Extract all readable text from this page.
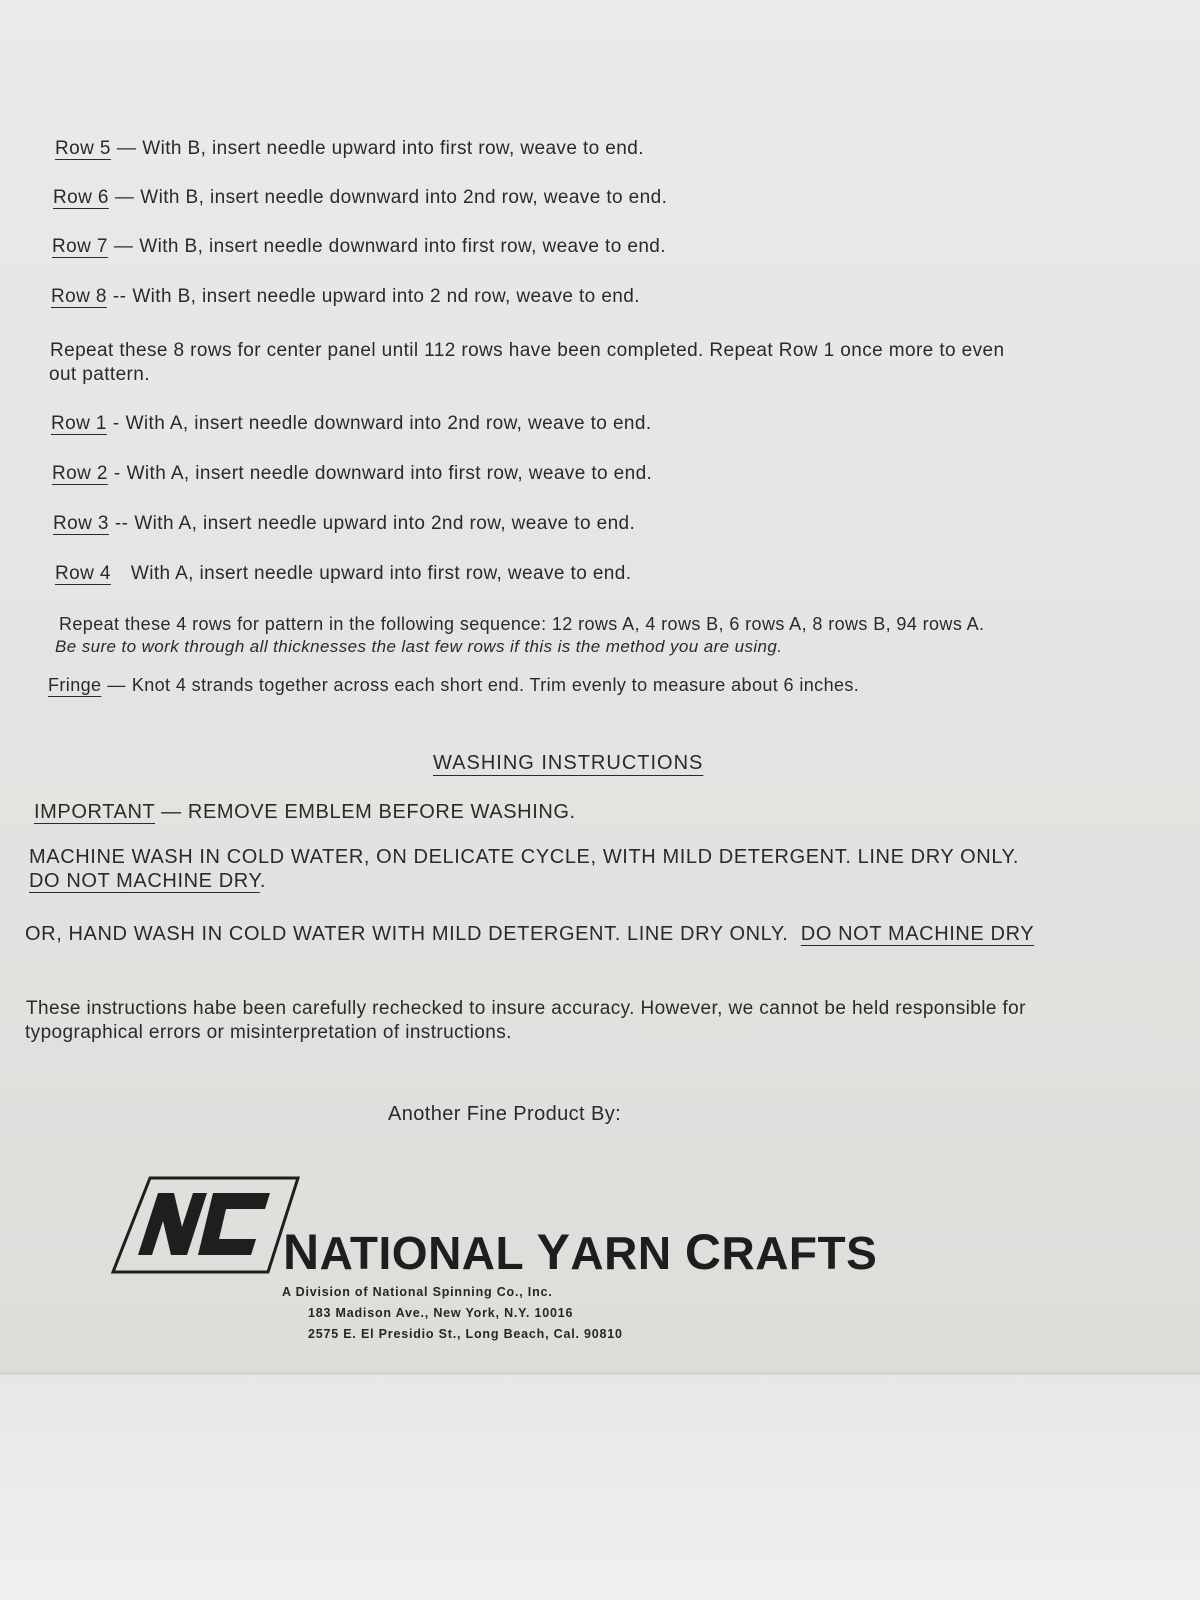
Row 5 — With B, insert needle upward into first row, weave to end.
Row 6 — With B, insert needle downward into 2nd row, weave to end.
Row 7 — With B, insert needle downward into first row, weave to end.
Row 8 -- With B, insert needle upward into 2 nd row, weave to end.
Repeat these 8 rows for center panel until 112 rows have been completed. Repeat Row 1 once more to even
out pattern.
Row 1 - With A, insert needle downward into 2nd row, weave to end.
Row 2 - With A, insert needle downward into first row, weave to end.
Row 3 -- With A, insert needle upward into 2nd row, weave to end.
Row 4 With A, insert needle upward into first row, weave to end.
Repeat these 4 rows for pattern in the following sequence: 12 rows A, 4 rows B, 6 rows A, 8 rows B, 94 rows A.
Be sure to work through all thicknesses the last few rows if this is the method you are using.
Fringe — Knot 4 strands together across each short end. Trim evenly to measure about 6 inches.
WASHING INSTRUCTIONS
IMPORTANT — REMOVE EMBLEM BEFORE WASHING.
MACHINE WASH IN COLD WATER, ON DELICATE CYCLE, WITH MILD DETERGENT. LINE DRY ONLY.
DO NOT MACHINE DRY.
OR, HAND WASH IN COLD WATER WITH MILD DETERGENT. LINE DRY ONLY. DO NOT MACHINE DRY
These instructions habe been carefully rechecked to insure accuracy. However, we cannot be held responsible for
typographical errors or misinterpretation of instructions.
Another Fine Product By:
NC NATIONAL YARN CRAFTS
A Division of National Spinning Co., Inc.
183 Madison Ave., New York, N.Y. 10016
2575 E. El Presidio St., Long Beach, Cal. 90810
